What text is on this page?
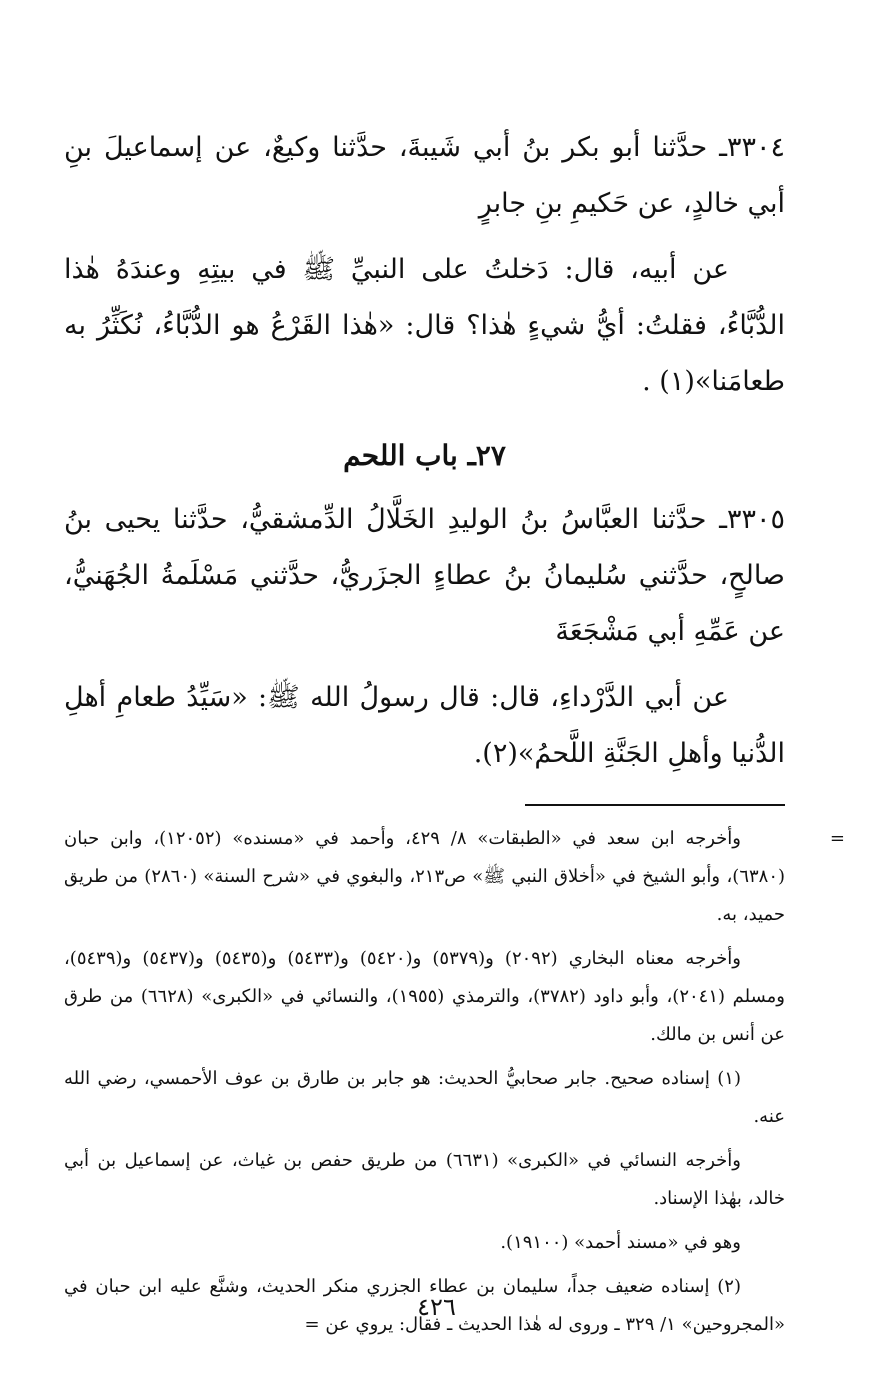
٣٣٠٤ـ حدَّثنا أبو بكر بنُ أبي شَيبةَ، حدَّثنا وكيعٌ، عن إسماعيلَ بنِ أبي خالدٍ، عن حَكيمِ بنِ جابرٍ

عن أبيه، قال: دَخلتُ على النبيِّ ﷺ في بيتِهِ وعندَهُ هٰذا الدُّبَّاءُ، فقلتُ: أيُّ شيءٍ هٰذا؟ قال: «هٰذا القَرْعُ هو الدُّبَّاءُ، نُكَثِّرُ به طعامَنا»(١) .

٢٧ـ باب اللحم

٣٣٠٥ـ حدَّثنا العبَّاسُ بنُ الوليدِ الخَلَّالُ الدِّمشقيُّ، حدَّثنا يحيى بنُ صالحٍ، حدَّثني سُليمانُ بنُ عطاءٍ الجزَريُّ، حدَّثني مَسْلَمةُ الجُهَنيُّ، عن عَمِّهِ أبي مَشْجَعَةَ

عن أبي الدَّرْداءِ، قال: قال رسولُ الله ﷺ: «سَيِّدُ طعامِ أهلِ الدُّنيا وأهلِ الجَنَّةِ اللَّحمُ»(٢).

=
وأخرجه ابن سعد في «الطبقات» ٨/ ٤٢٩، وأحمد في «مسنده» (١٢٠٥٢)، وابن حبان (٦٣٨٠)، وأبو الشيخ في «أخلاق النبي ﷺ» ص٢١٣، والبغوي في «شرح السنة» (٢٨٦٠) من طريق حميد، به.

وأخرجه معناه البخاري (٢٠٩٢) و(٥٣٧٩) و(٥٤٢٠) و(٥٤٣٣) و(٥٤٣٥) و(٥٤٣٧) و(٥٤٣٩)، ومسلم (٢٠٤١)، وأبو داود (٣٧٨٢)، والترمذي (١٩٥٥)، والنسائي في «الكبرى» (٦٦٢٨) من طرق عن أنس بن مالك.

(١) إسناده صحيح. جابر صحابيُّ الحديث: هو جابر بن طارق بن عوف الأحمسي، رضي الله عنه.

وأخرجه النسائي في «الكبرى» (٦٦٣١) من طريق حفص بن غياث، عن إسماعيل بن أبي خالد، بهٰذا الإسناد.

وهو في «مسند أحمد» (١٩١٠٠).

(٢) إسناده ضعيف جداً، سليمان بن عطاء الجزري منكر الحديث، وشنَّع عليه ابن حبان في «المجروحين» ١/ ٣٢٩ ـ وروى له هٰذا الحديث ـ فقال: يروي عن =

٤٢٦
